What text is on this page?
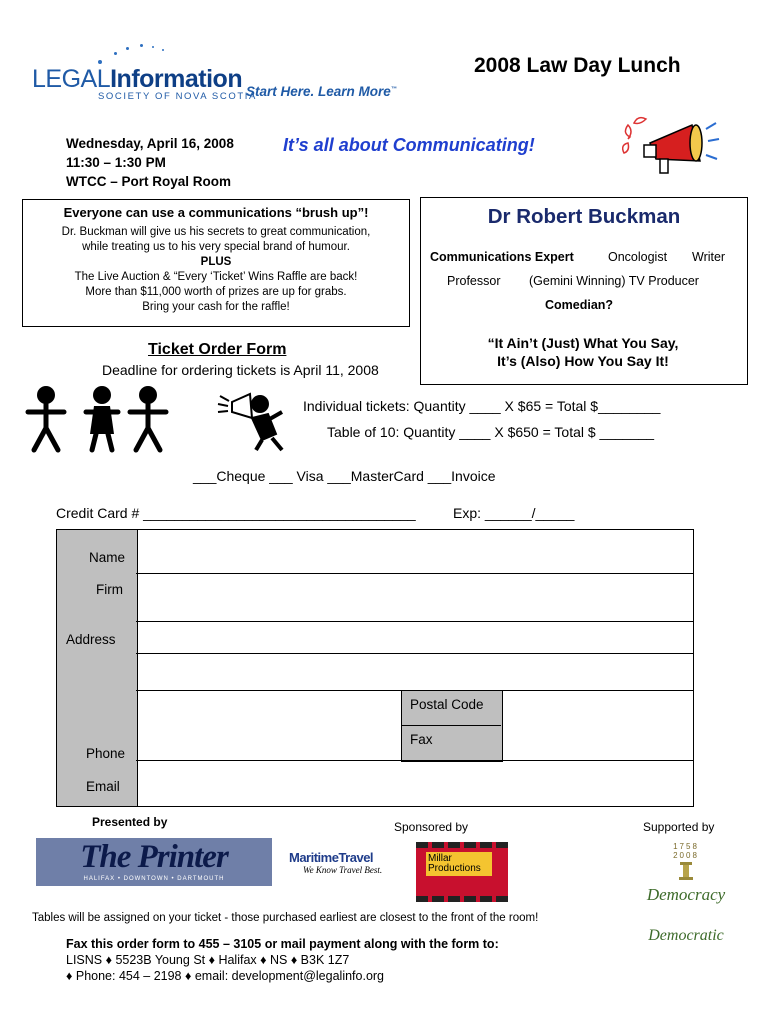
LEGALInformation
SOCIETY OF NOVA SCOTIA
Start Here. Learn More™
2008 Law Day Lunch
Wednesday, April 16, 2008
11:30 – 1:30 PM
WTCC – Port Royal Room
It’s all about Communicating!
Everyone can use a communications “brush up”!
Dr. Buckman will give us his secrets to great communication,
while treating us to his very special brand of humour.
PLUS
The Live Auction & “Every ‘Ticket’ Wins Raffle are back!
More than $11,000 worth of prizes are up for grabs.
Bring your cash for the raffle!
Dr Robert Buckman
Communications Expert	Oncologist Writer
Professor (Gemini Winning) TV Producer
Comedian?
“It Ain’t (Just) What You Say,
It’s (Also) How You Say It!
Ticket Order Form
Deadline for ordering tickets is April 11, 2008
Individual tickets: Quantity ____ X $65 = Total $________
Table of 10: Quantity ____ X $650 = Total $ _______
___Cheque ___ Visa ___MasterCard ___Invoice
Credit Card # ___________________________________	Exp: ______/_____
Name
Firm
Address
Postal Code
Fax
Phone
Email
Presented by	Sponsored by	Supported by
The Printer
HALIFAX • DOWNTOWN • DARTMOUTH
MaritimeTravel
We Know Travel Best.
Millar
Productions
1758 2008
Democracy
Democratic
Tables will be assigned on your ticket - those purchased earliest are closest to the front of the room!
Fax this order form to 455 – 3105 or mail payment along with the form to:
LISNS ♦ 5523B Young St ♦ Halifax ♦ NS ♦ B3K 1Z7
♦ Phone: 454 – 2198 ♦ email: development@legalinfo.org
